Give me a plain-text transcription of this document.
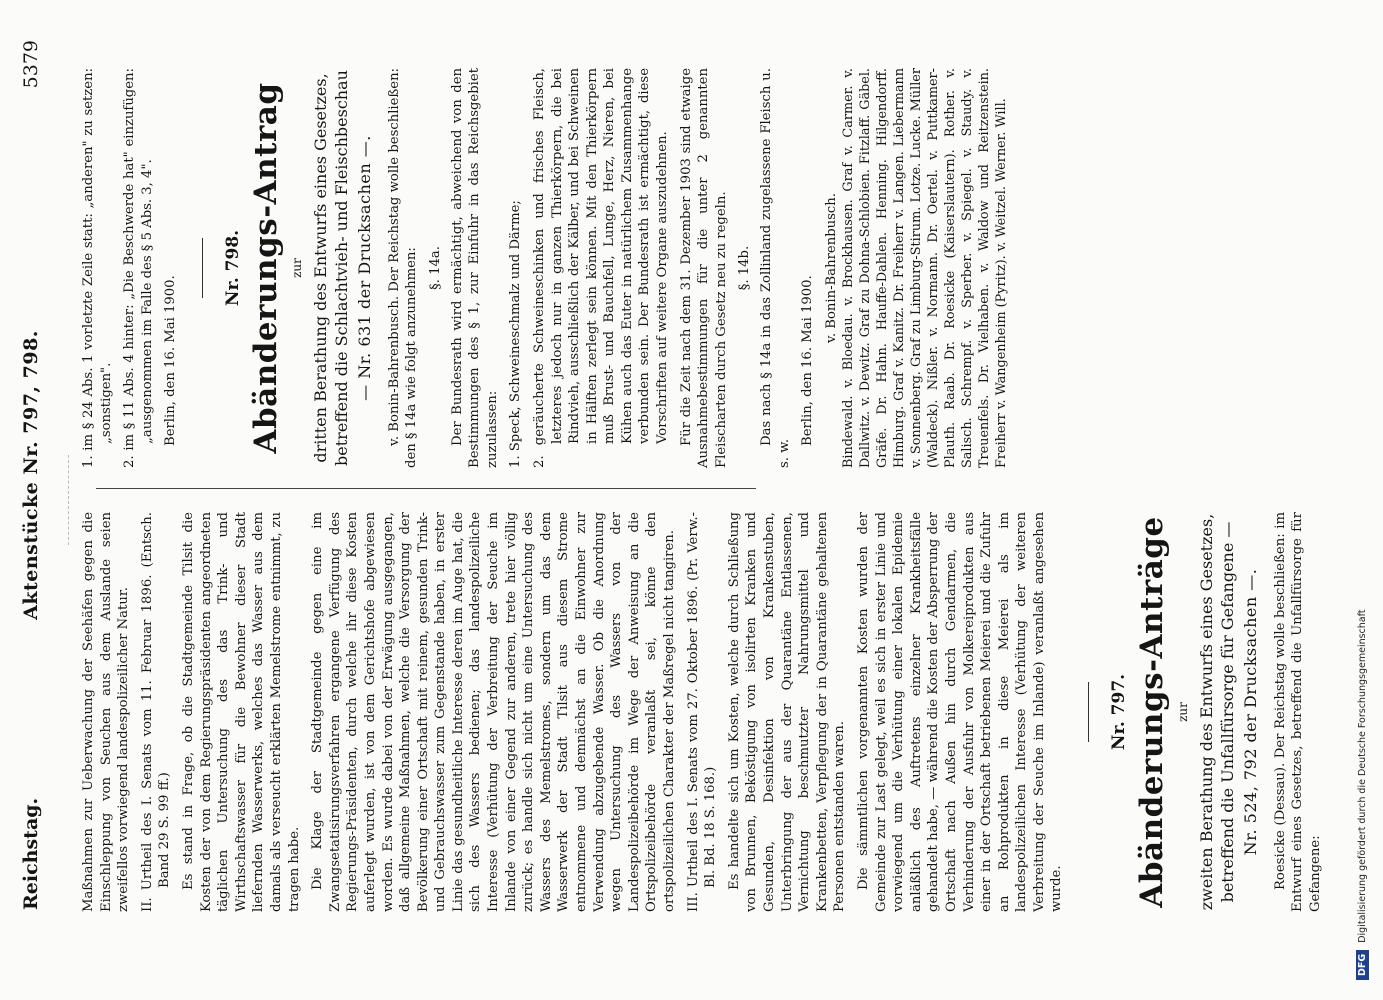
Reichstag.
Aktenstücke Nr. 797, 798.
5379

Maßnahmen zur Ueberwachung der Seehäfen gegen die Einschleppung von Seuchen aus dem Auslande seien zweifellos vorwiegend landespolizeilicher Natur. II. Urtheil des I. Senats vom 11. Februar 1896. (Entsch. Band 29 S. 99 ff.) Es stand in Frage, ob die Stadtgemeinde Tilsit die Kosten der von dem Regierungspräsidenten angeordneten täglichen Untersuchung des das Trink- und Wirthschaftswasser für die Bewohner dieser Stadt liefernden Wasserwerks, welches das Wasser aus dem damals als verseucht erklärten Memelstrome entnimmt, zu tragen habe. Die Klage der Stadtgemeinde gegen eine im Zwangsetatisirungsverfahren ergangene Verfügung des Regierungs-Präsidenten, durch welche ihr diese Kosten auferlegt wurden, ist von dem Gerichtshofe abgewiesen worden. Es wurde dabei von der Erwägung ausgegangen, daß allgemeine Maßnahmen, welche die Versorgung der Bevölkerung einer Ortschaft mit reinem, gesunden Trink- und Gebrauchswasser zum Gegenstande haben, in erster Linie das gesundheitliche Interesse deren im Auge hat, die sich des Wassers bedienen; das landespolizeiliche Interesse (Verhütung der Verbreitung der Seuche im Inlande von einer Gegend zur anderen, trete hier völlig zurück; es handle sich nicht um eine Untersuchung des Wassers des Memelstromes, sondern um das dem Wasserwerk der Stadt Tilsit aus diesem Strome entnommene und demnächst an die Einwohner zur Verwendung abzugebende Wasser. Ob die Anordnung wegen Untersuchung des Wassers von der Landespolizeibehörde im Wege der Anweisung an die Ortspolizeibehörde veranlaßt sei, könne den ortspolizeilichen Charakter der Maßregel nicht tangiren. III. Urtheil des I. Senats vom 27. Oktober 1896. (Pr. Verw.-Bl. Bd. 18 S. 168.) Es handelte sich um Kosten, welche durch Schließung von Brunnen, Beköstigung von isolirten Kranken und Gesunden, Desinfektion von Krankenstuben, Unterbringung der aus der Quarantäne Entlassenen, Vernichtung beschmutzter Nahrungsmittel und Krankenbetten, Verpflegung der in Quarantäne gehaltenen Personen entstanden waren. Die sämmtlichen vorgenannten Kosten wurden der Gemeinde zur Last gelegt, weil es sich in erster Linie und vorwiegend um die Verhütung einer lokalen Epidemie anläßlich des Auftretens einzelner Krankheitsfälle gehandelt habe, — während die Kosten der Absperrung der Ortschaft nach Außen hin durch Gendarmen, die Verhinderung der Ausfuhr von Molkereiprodukten aus einer in der Ortschaft betriebenen Meierei und die Zufuhr an Rohprodukten in diese Meierei als im landespolizeilichen Interesse (Verhütung der weiteren Verbreitung der Seuche im Inlande) veranlaßt angesehen wurde.

Nr. 797. Abänderungs-Anträge zur zweiten Berathung des Entwurfs eines Gesetzes, betreffend die Unfallfürsorge für Gefangene — Nr. 524, 792 der Drucksachen —. Roesicke (Dessau). Der Reichstag wolle beschließen: im Entwurf eines Gesetzes, betreffend die Unfallfürsorge für Gefangene:

1. im § 24 Abs. 1 vorletzte Zeile statt: „anderen" zu setzen: „sonstigen". 2. im § 11 Abs. 4 hinter: „Die Beschwerde hat" einzufügen: „ausgenommen im Falle des § 5 Abs. 3, 4". Berlin, den 16. Mai 1900.

Nr. 798. Abänderungs-Antrag zur dritten Berathung des Entwurfs eines Gesetzes, betreffend die Schlachtvieh- und Fleischbeschau — Nr. 631 der Drucksachen —. v. Bonin-Bahrenbusch. Der Reichstag wolle beschließen: den § 14a wie folgt anzunehmen: §. 14a. Der Bundesrath wird ermächtigt, abweichend von den Bestimmungen des § 1, zur Einfuhr in das Reichsgebiet zuzulassen: 1. Speck, Schweineschmalz und Därme; 2. geräucherte Schweineschinken und frisches Fleisch, letzteres jedoch nur in ganzen Thierkörpern, die bei Rindvieh, ausschließlich der Kälber, und bei Schweinen in Hälften zerlegt sein können. Mit den Thierkörpern muß Brust- und Bauchfell, Lunge, Herz, Nieren, bei Kühen auch das Euter in natürlichem Zusammenhange verbunden sein. Der Bundesrath ist ermächtigt, diese Vorschriften auf weitere Organe auszudehnen. Für die Zeit nach dem 31. Dezember 1903 sind etwaige Ausnahmebestimmungen für die unter 2 genannten Fleischarten durch Gesetz neu zu regeln. §. 14b. Das nach § 14a in das Zollinland zugelassene Fleisch u. s. w.

Berlin, den 16. Mai 1900.

v. Bonin-Bahrenbusch. Bindewald. v. Bloedau. v. Brockhausen. Graf v. Carmer. v. Dallwitz. v. Dewitz. Graf zu Dohna-Schlobien. Fitzlaff. Gäbel. Gräfe. Dr. Hahn. Hauffe-Dahlen. Henning. Hilgendorff. Himburg. Graf v. Kanitz. Dr. Freiherr v. Langen. Liebermann v. Sonnenberg. Graf zu Limburg-Stirum. Lotze. Lucke. Müller (Waldeck). Nißler. v. Normann. Dr. Oertel. v. Puttkamer-Plauth. Raab. Dr. Roesicke (Kaiserslautern). Rother. v. Salisch. Schrempf. v. Sperber. v. Spiegel. v. Staudy. v. Treuenfels. Dr. Vielhaben. v. Waldow und Reitzenstein. Freiherr v. Wangenheim (Pyritz). v. Weitzel. Werner. Will.

DFG Digitalisierung gefördert durch die Deutsche Forschungsgemeinschaft
